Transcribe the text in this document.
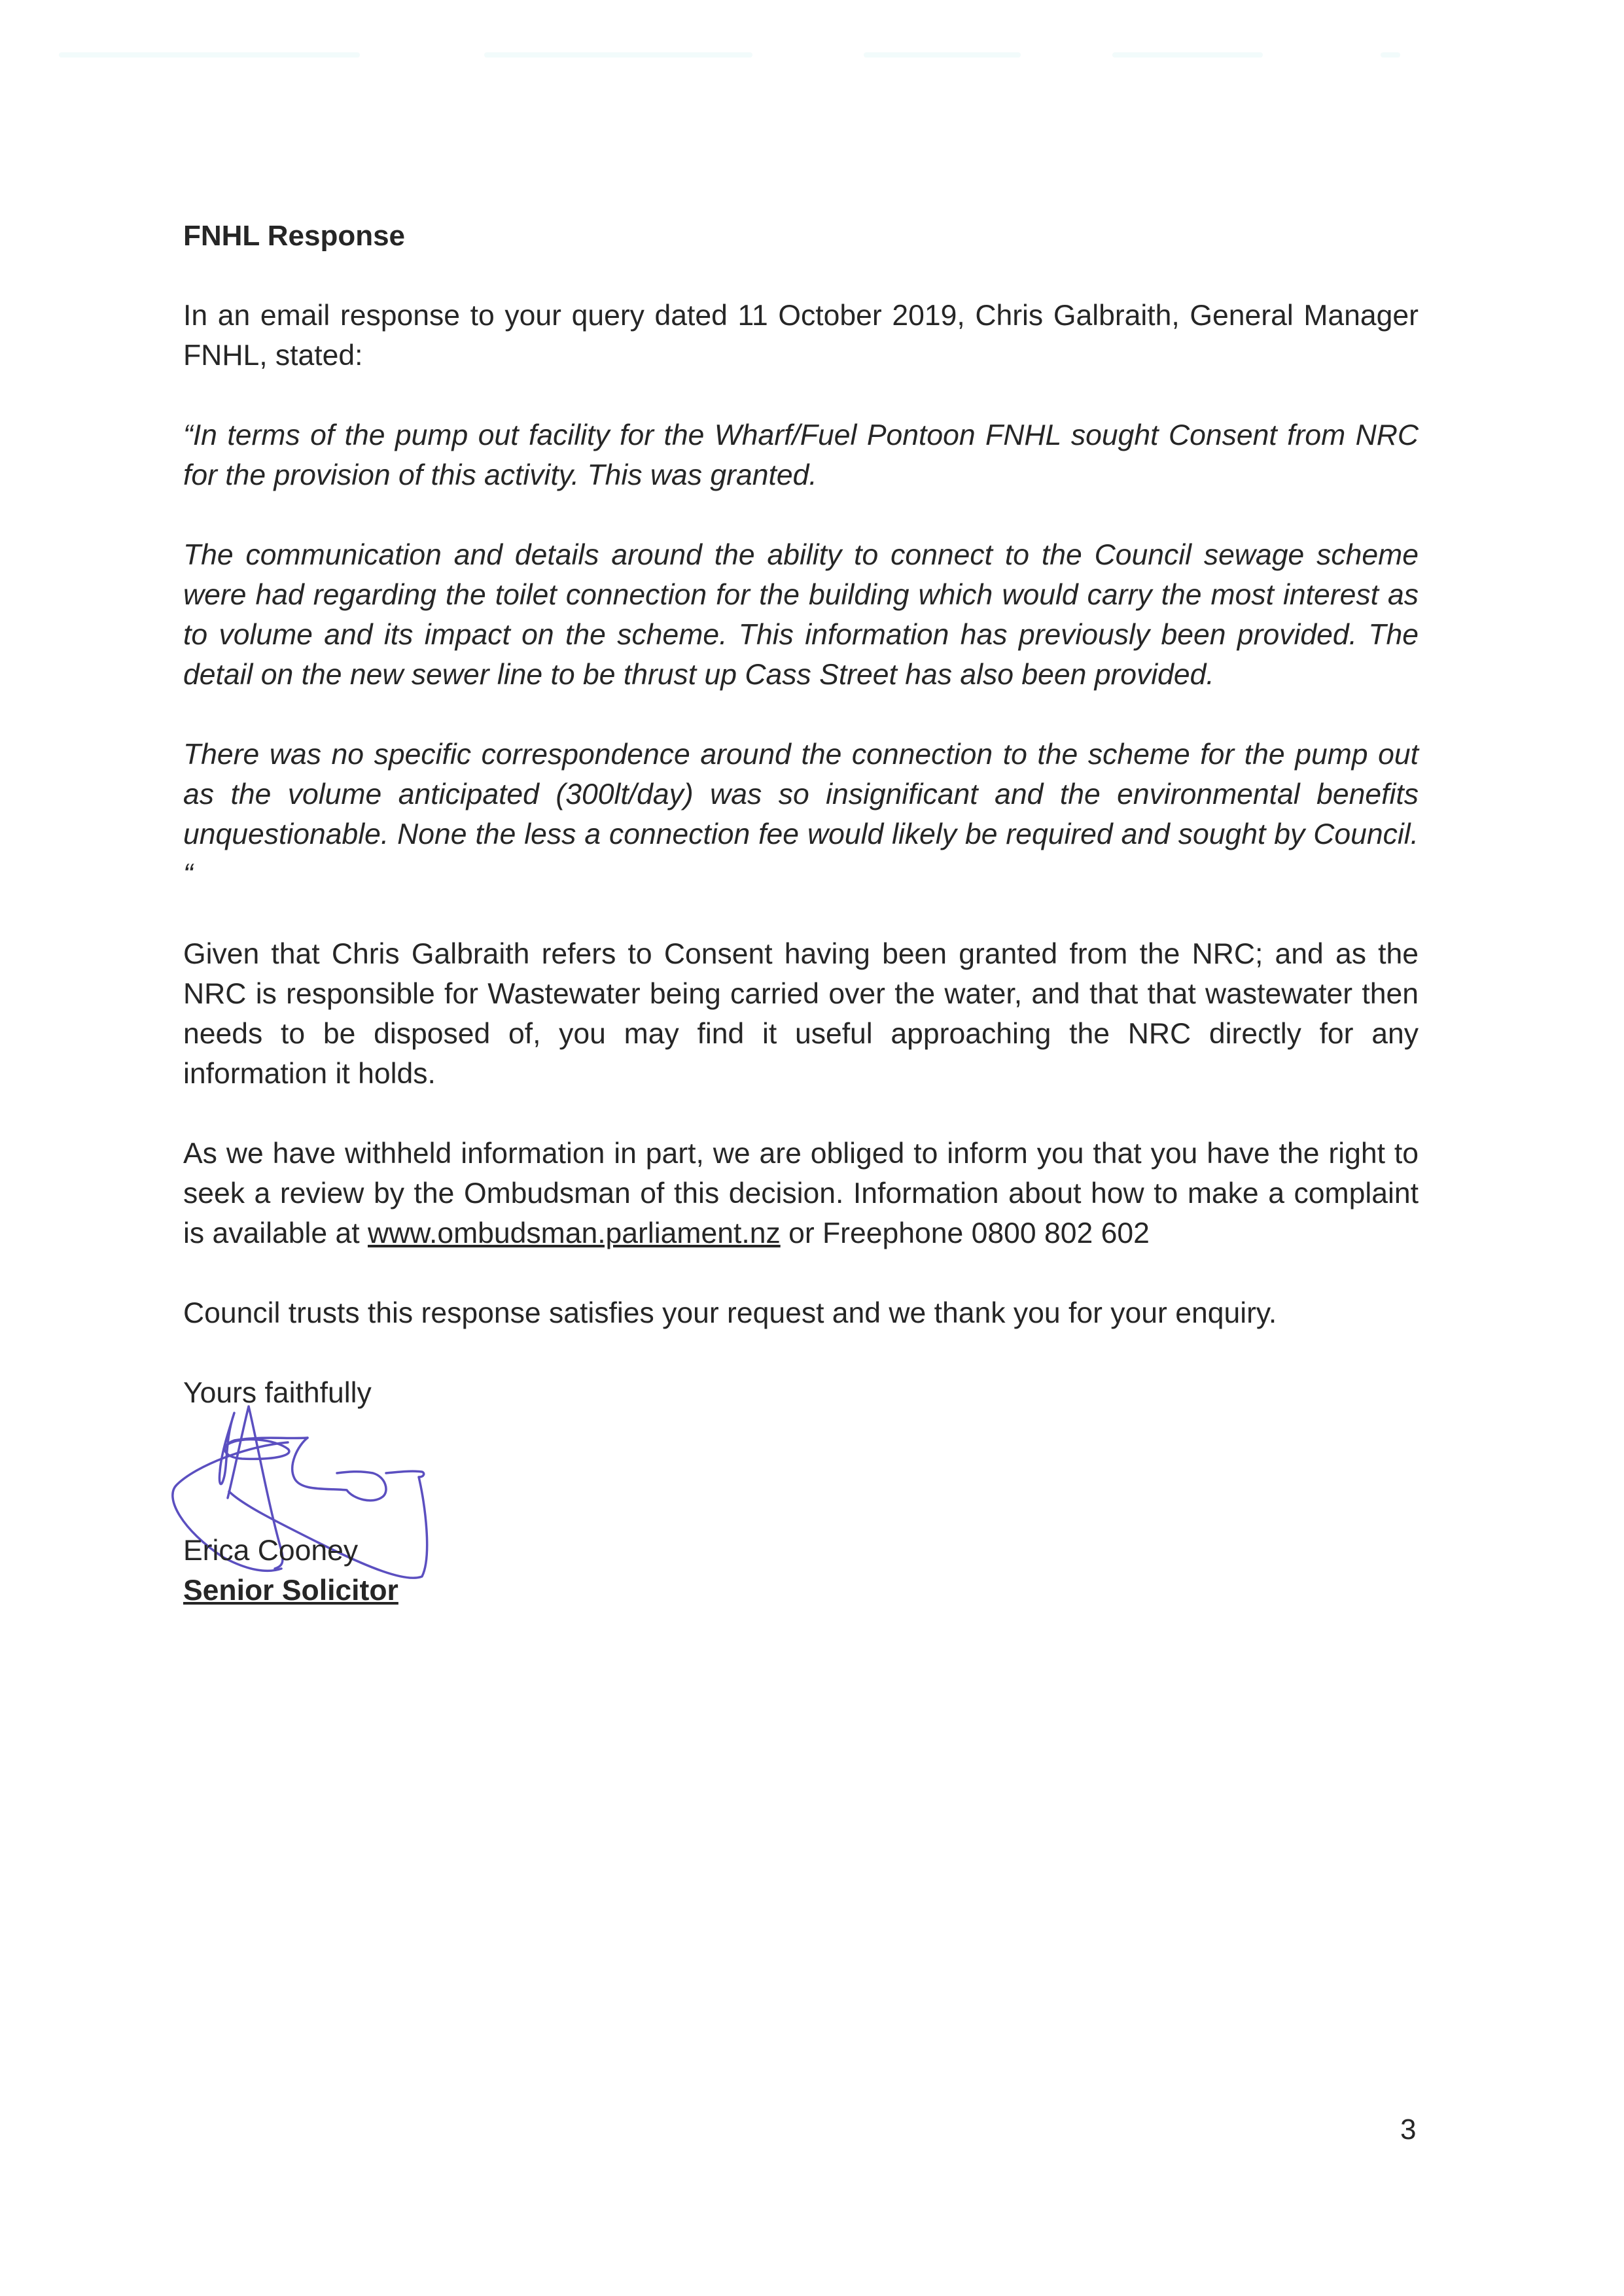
FNHL Response

In an email response to your query dated 11 October 2019, Chris Galbraith, General Manager FNHL, stated:

“In terms of the pump out facility for the Wharf/Fuel Pontoon FNHL sought Consent from NRC for the provision of this activity. This was granted.

The communication and details around the ability to connect to the Council sewage scheme were had regarding the toilet connection for the building which would carry the most interest as to volume and its impact on the scheme. This information has previously been provided. The detail on the new sewer line to be thrust up Cass Street has also been provided.

There was no specific correspondence around the connection to the scheme for the pump out as the volume anticipated (300lt/day) was so insignificant and the environmental benefits unquestionable. None the less a connection fee would likely be required and sought by Council. “

Given that Chris Galbraith refers to Consent having been granted from the NRC; and as the NRC is responsible for Wastewater being carried over the water, and that that wastewater then needs to be disposed of, you may find it useful approaching the NRC directly for any information it holds.

As we have withheld information in part, we are obliged to inform you that you have the right to seek a review by the Ombudsman of this decision. Information about how to make a complaint is available at www.ombudsman.parliament.nz or Freephone 0800 802 602

Council trusts this response satisfies your request and we thank you for your enquiry.

Yours faithfully
Erica Cooney
Senior Solicitor
3
